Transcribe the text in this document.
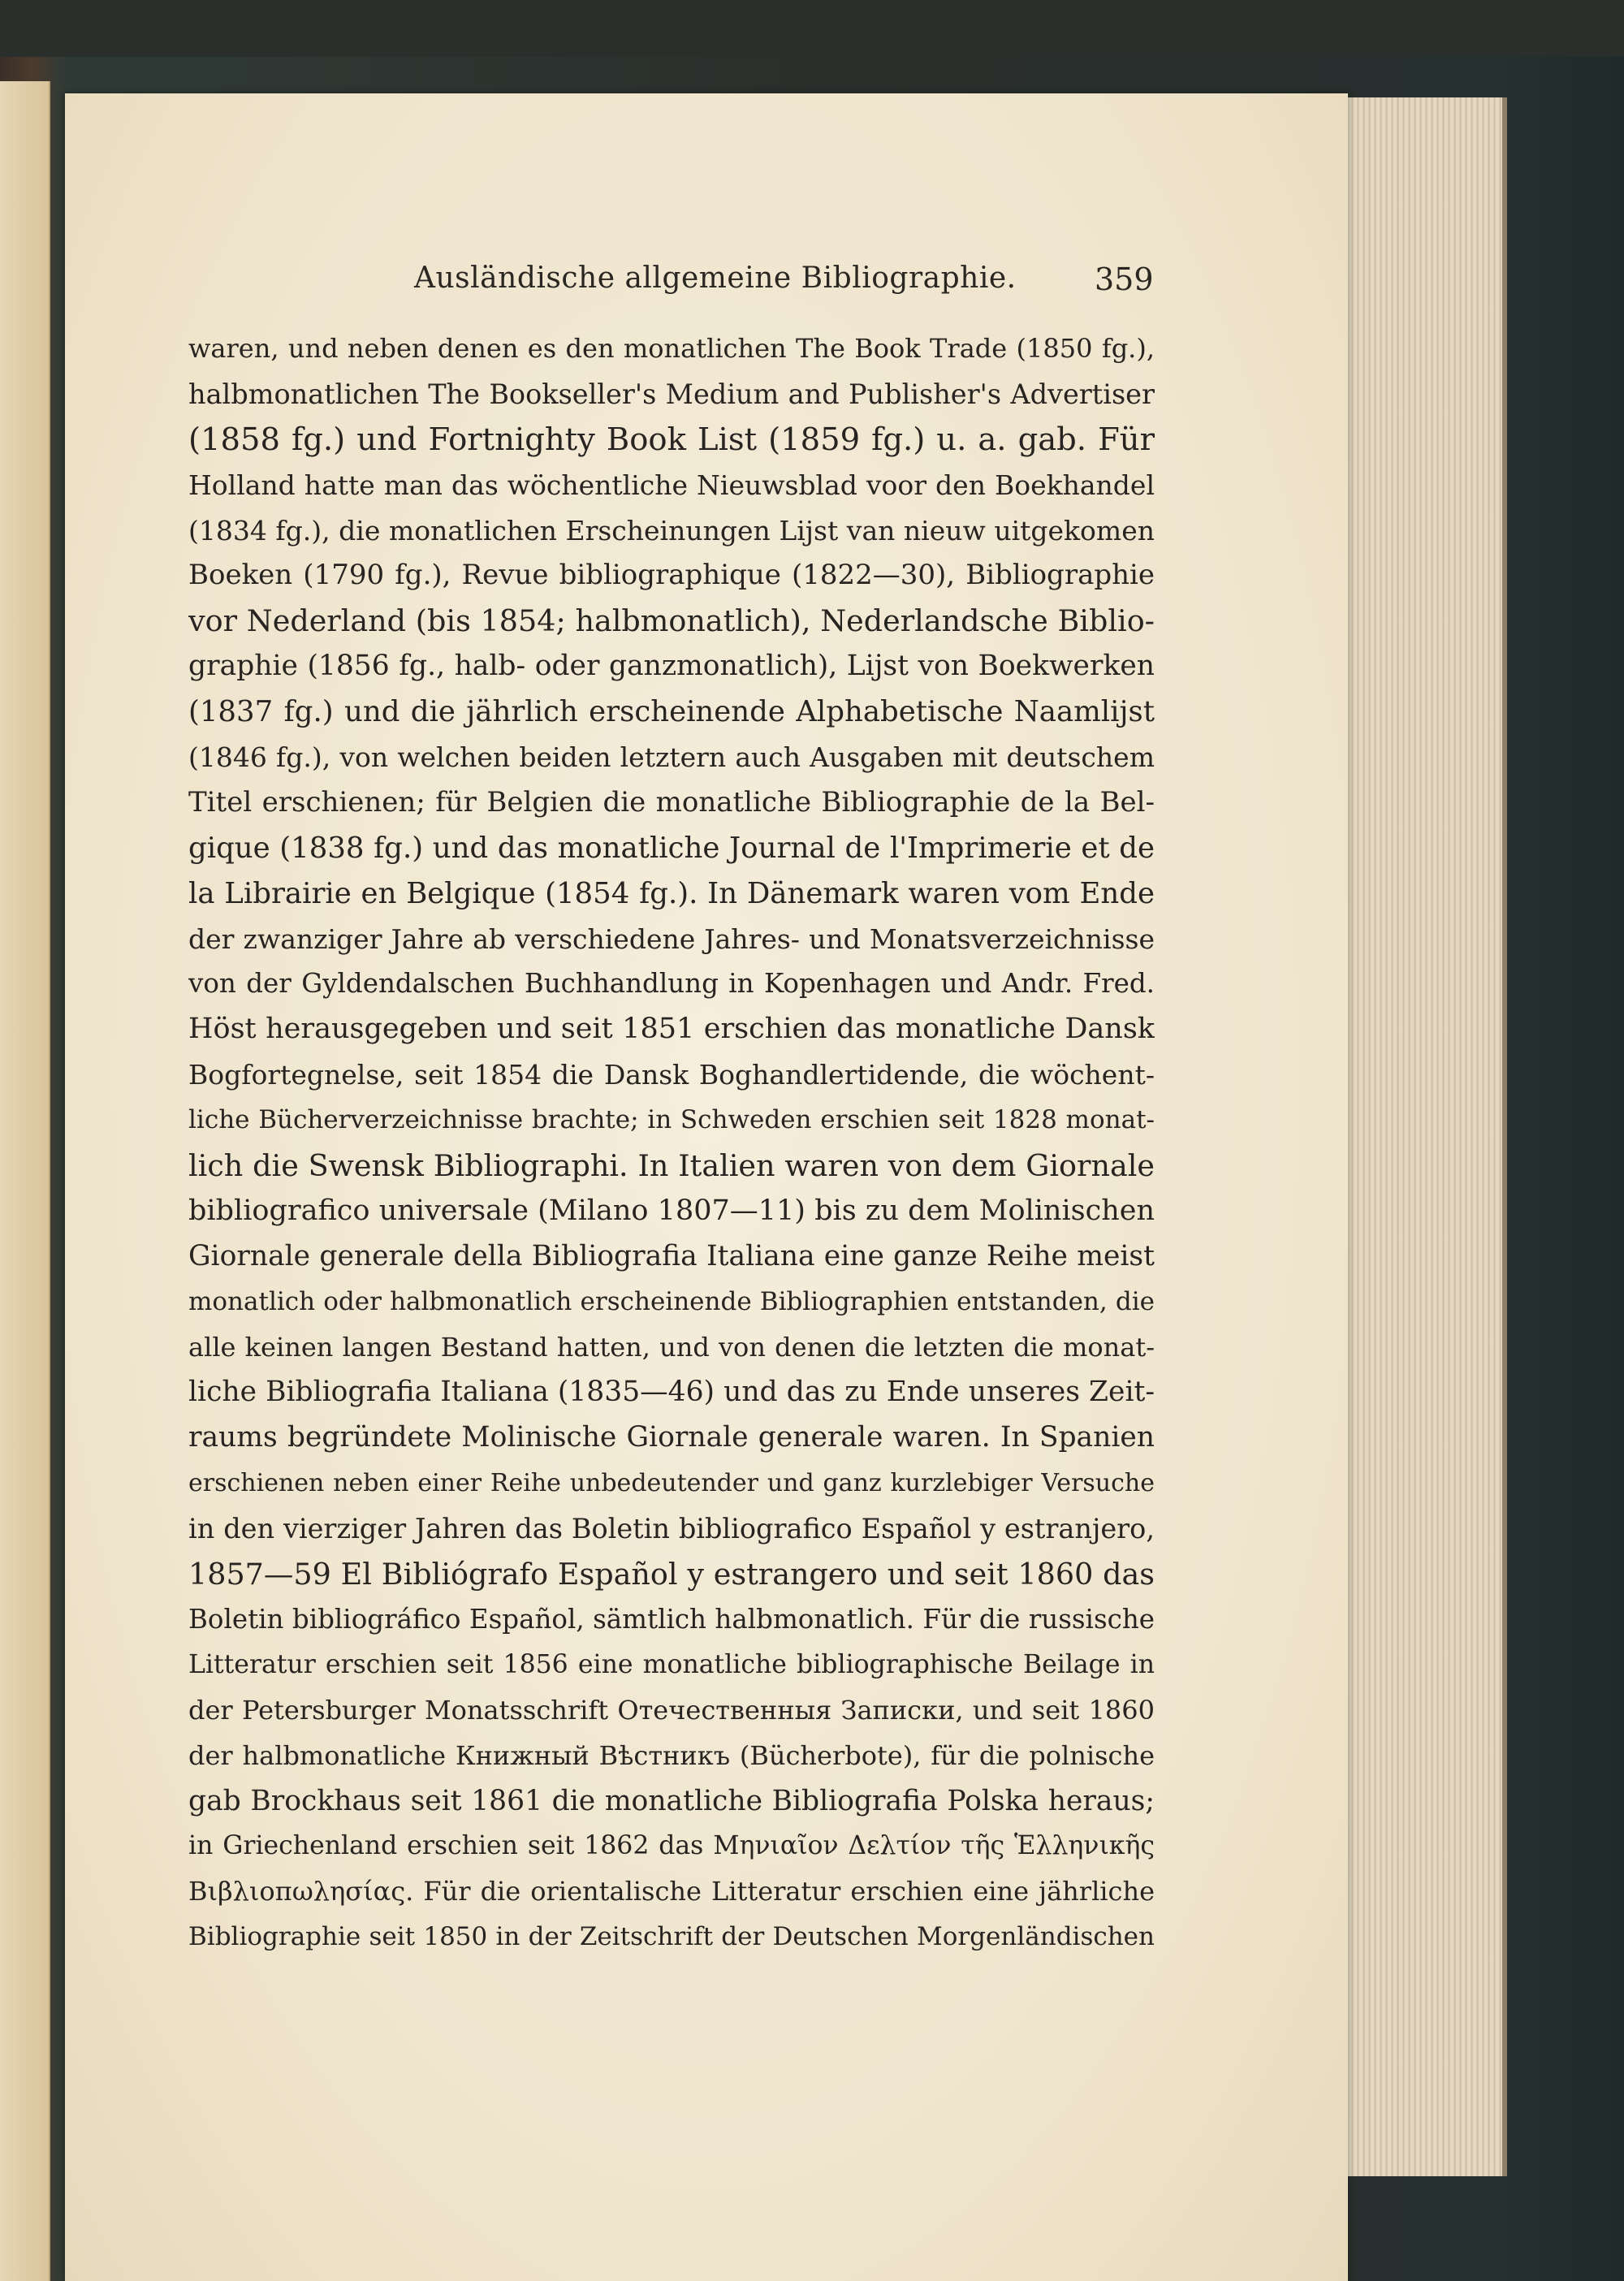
Ausländische allgemeine Bibliographie.	359
waren, und neben denen es den monatlichen The Book Trade (1850 fg.),
halbmonatlichen The Bookseller's Medium and Publisher's Advertiser
(1858 fg.) und Fortnighty Book List (1859 fg.) u. a. gab. Für
Holland hatte man das wöchentliche Nieuwsblad voor den Boekhandel
(1834 fg.), die monatlichen Erscheinungen Lijst van nieuw uitgekomen
Boeken (1790 fg.), Revue bibliographique (1822—30), Bibliographie
vor Nederland (bis 1854; halbmonatlich), Nederlandsche Biblio-
graphie (1856 fg., halb- oder ganzmonatlich), Lijst von Boekwerken
(1837 fg.) und die jährlich erscheinende Alphabetische Naamlijst
(1846 fg.), von welchen beiden letztern auch Ausgaben mit deutschem
Titel erschienen; für Belgien die monatliche Bibliographie de la Bel-
gique (1838 fg.) und das monatliche Journal de l'Imprimerie et de
la Librairie en Belgique (1854 fg.). In Dänemark waren vom Ende
der zwanziger Jahre ab verschiedene Jahres- und Monatsverzeichnisse
von der Gyldendalschen Buchhandlung in Kopenhagen und Andr. Fred.
Höst herausgegeben und seit 1851 erschien das monatliche Dansk
Bogfortegnelse, seit 1854 die Dansk Boghandlertidende, die wöchent-
liche Bücherverzeichnisse brachte; in Schweden erschien seit 1828 monat-
lich die Swensk Bibliographi. In Italien waren von dem Giornale
bibliografico universale (Milano 1807—11) bis zu dem Molinischen
Giornale generale della Bibliografia Italiana eine ganze Reihe meist
monatlich oder halbmonatlich erscheinende Bibliographien entstanden, die
alle keinen langen Bestand hatten, und von denen die letzten die monat-
liche Bibliografia Italiana (1835—46) und das zu Ende unseres Zeit-
raums begründete Molinische Giornale generale waren. In Spanien
erschienen neben einer Reihe unbedeutender und ganz kurzlebiger Versuche
in den vierziger Jahren das Boletin bibliografico Español y estranjero,
1857—59 El Bibliógrafo Español y estrangero und seit 1860 das
Boletin bibliográfico Español, sämtlich halbmonatlich. Für die russische
Litteratur erschien seit 1856 eine monatliche bibliographische Beilage in
der Petersburger Monatsschrift Отечественныя Записки, und seit 1860
der halbmonatliche Книжный Вѣстникъ (Bücherbote), für die polnische
gab Brockhaus seit 1861 die monatliche Bibliografia Polska heraus;
in Griechenland erschien seit 1862 das Μηνιαῖον Δελτίον τῆς Ἑλληνικῆς
Βιβλιοπωλησίας. Für die orientalische Litteratur erschien eine jährliche
Bibliographie seit 1850 in der Zeitschrift der Deutschen Morgenländischen
